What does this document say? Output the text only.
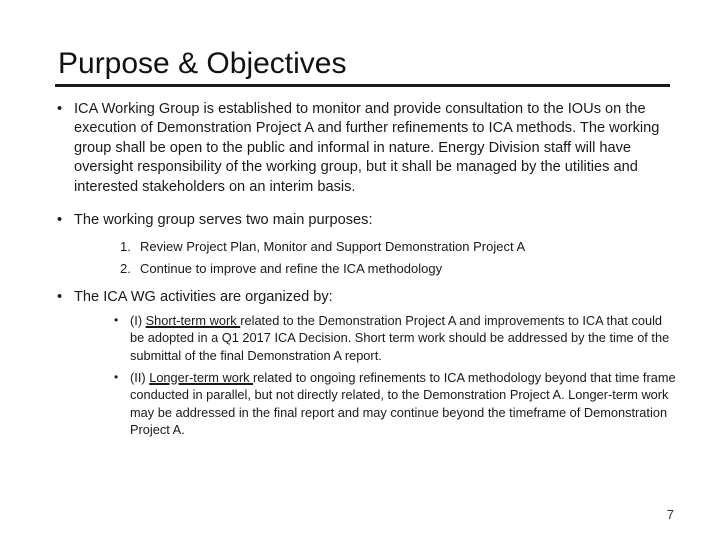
Purpose & Objectives

• ICA Working Group is established to monitor and provide consultation to the IOUs on the execution of Demonstration Project A and further refinements to ICA methods. The working group shall be open to the public and informal in nature. Energy Division staff will have oversight responsibility of the working group, but it shall be managed by the utilities and interested stakeholders on an interim basis.

• The working group serves two main purposes:

1. Review Project Plan, Monitor and Support Demonstration Project A
2. Continue to improve and refine the ICA methodology

• The ICA WG activities are organized by:

• (I) Short-term work related to the Demonstration Project A and improvements to ICA that could be adopted in a Q1 2017 ICA Decision. Short term work should be addressed by the time of the submittal of the final Demonstration A report.
• (II) Longer-term work related to ongoing refinements to ICA methodology beyond that time frame conducted in parallel, but not directly related, to the Demonstration Project A. Longer-term work may be addressed in the final report and may continue beyond the timeframe of Demonstration Project A.
7
